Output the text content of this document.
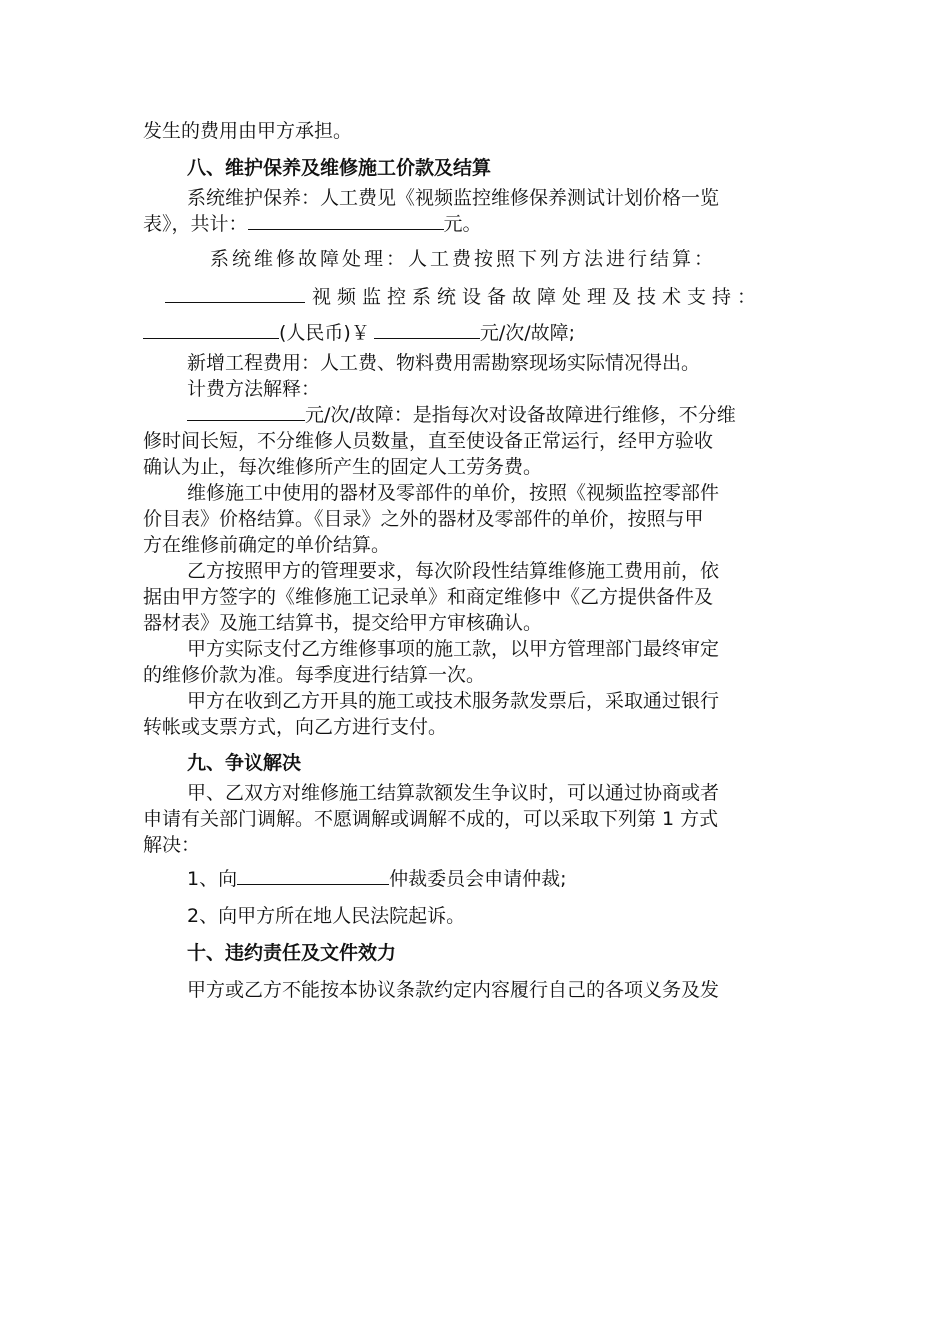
发生的费用由甲方承担。
八、维护保养及维修施工价款及结算
系统维护保养：人工费见《视频监控维修保养测试计划价格一览
表》，共计：	元。
系统维修故障处理：人工费按照下列方法进行结算：
视频监控系统设备故障处理及技术支持：
(人民币)￥	元/次/故障;
新增工程费用：人工费、物料费用需勘察现场实际情况得出。
计费方法解释：
元/次/故障：是指每次对设备故障进行维修，不分维
修时间长短，不分维修人员数量，直至使设备正常运行，经甲方验收
确认为止，每次维修所产生的固定人工劳务费。
维修施工中使用的器材及零部件的单价，按照《视频监控零部件
价目表》价格结算。《目录》之外的器材及零部件的单价，按照与甲
方在维修前确定的单价结算。
乙方按照甲方的管理要求，每次阶段性结算维修施工费用前，依
据由甲方签字的《维修施工记录单》和商定维修中《乙方提供备件及
器材表》及施工结算书，提交给甲方审核确认。
甲方实际支付乙方维修事项的施工款，以甲方管理部门最终审定
的维修价款为准。每季度进行结算一次。
甲方在收到乙方开具的施工或技术服务款发票后，采取通过银行
转帐或支票方式，向乙方进行支付。
九、争议解决
甲、乙双方对维修施工结算款额发生争议时，可以通过协商或者
申请有关部门调解。不愿调解或调解不成的，可以采取下列第 1 方式
解决：
1、向	仲裁委员会申请仲裁;
2、向甲方所在地人民法院起诉。
十、违约责任及文件效力
甲方或乙方不能按本协议条款约定内容履行自己的各项义务及发
